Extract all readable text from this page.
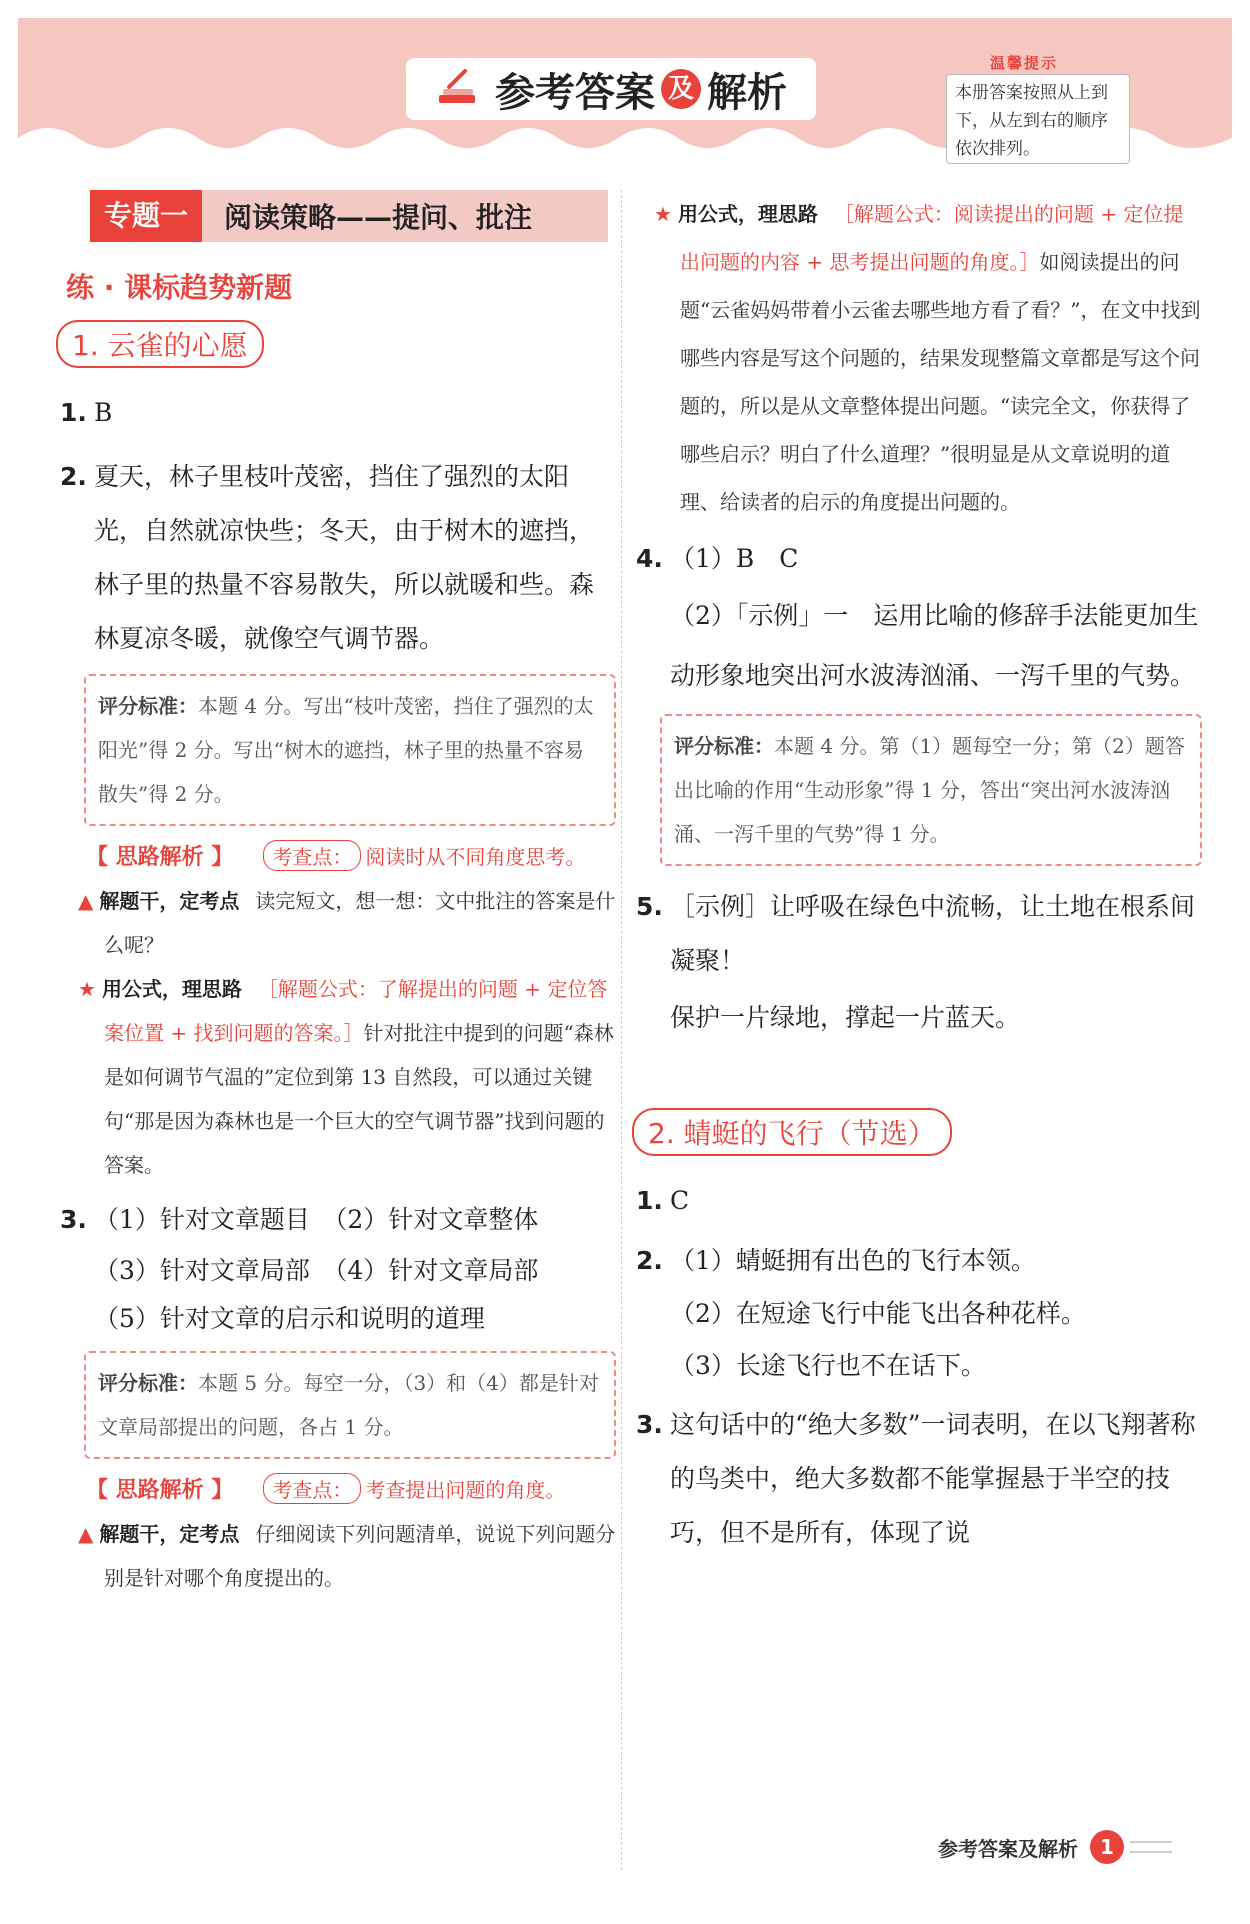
参考答案 及 解析
温馨提示
本册答案按照从上到下，从左到右的顺序依次排列。
专题一	阅读策略——提问、批注
练 · 课标趋势新题
1. 云雀的心愿
1. B
2. 夏天，林子里枝叶茂密，挡住了强烈的太阳光，自然就凉快些；冬天，由于树木的遮挡，林子里的热量不容易散失，所以就暖和些。森林夏凉冬暖，就像空气调节器。
评分标准：本题 4 分。写出“枝叶茂密，挡住了强烈的太阳光”得 2 分。写出“树木的遮挡，林子里的热量不容易散失”得 2 分。
【 思路解析 】	考查点： 阅读时从不同角度思考。
▲ 解题干，定考点 读完短文，想一想：文中批注的答案是什么呢？
★ 用公式，理思路 ［解题公式：了解提出的问题 + 定位答案位置 + 找到问题的答案。］针对批注中提到的问题“森林是如何调节气温的”定位到第 13 自然段，可以通过关键句“那是因为森林也是一个巨大的空气调节器”找到问题的答案。
3. （1）针对文章题目　（2）针对文章整体
（3）针对文章局部　（4）针对文章局部
（5）针对文章的启示和说明的道理
评分标准：本题 5 分。每空一分，（3）和（4）都是针对文章局部提出的问题，各占 1 分。
【 思路解析 】	考查点： 考查提出问题的角度。
▲ 解题干，定考点 仔细阅读下列问题清单，说说下列问题分别是针对哪个角度提出的。
★ 用公式，理思路 ［解题公式：阅读提出的问题 + 定位提出问题的内容 + 思考提出问题的角度。］如阅读提出的问题“云雀妈妈带着小云雀去哪些地方看了看？”，在文中找到哪些内容是写这个问题的，结果发现整篇文章都是写这个问题的，所以是从文章整体提出问题。“读完全文，你获得了哪些启示？明白了什么道理？”很明显是从文章说明的道理、给读者的启示的角度提出问题的。
4. （1）B　C
（2）「示例」一　运用比喻的修辞手法能更加生动形象地突出河水波涛汹涌、一泻千里的气势。
评分标准：本题 4 分。第（1）题每空一分；第（2）题答出比喻的作用“生动形象”得 1 分，答出“突出河水波涛汹涌、一泻千里的气势”得 1 分。
5. ［示例］让呼吸在绿色中流畅，让土地在根系间凝聚！
保护一片绿地，撑起一片蓝天。
2. 蜻蜓的飞行（节选）
1. C
2. （1）蜻蜓拥有出色的飞行本领。
（2）在短途飞行中能飞出各种花样。
（3）长途飞行也不在话下。
3. 这句话中的“绝大多数”一词表明，在以飞翔著称的鸟类中，绝大多数都不能掌握悬于半空的技巧，但不是所有，体现了说
参考答案及解析	1
